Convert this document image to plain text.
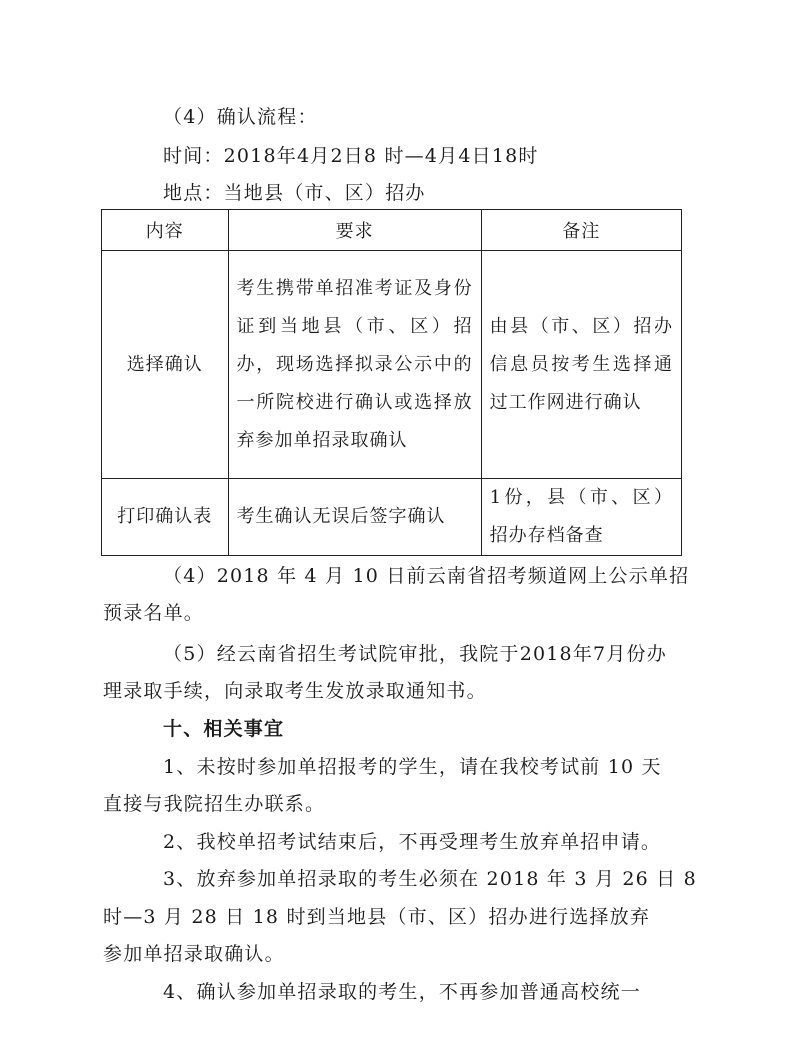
（4）确认流程：
时间：2018年4月2日8 时—4月4日18时
地点：当地县（市、区）招办
内容	要求	备注

选择确认	考生携带单招准考证及身份证到当地县（市、区）招办，现场选择拟录公示中的一所院校进行确认或选择放弃参加单招录取确认	由县（市、区）招办信息员按考生选择通过工作网进行确认

打印确认表	考生确认无误后签字确认	1份，县（市、区）招办存档备查
（4）2018 年 4 月 10 日前云南省招考频道网上公示单招
预录名单。
（5）经云南省招生考试院审批，我院于2018年7月份办
理录取手续，向录取考生发放录取通知书。
十、相关事宜
1、未按时参加单招报考的学生，请在我校考试前 10 天
直接与我院招生办联系。
2、我校单招考试结束后，不再受理考生放弃单招申请。
3、放弃参加单招录取的考生必须在 2018 年 3 月 26 日 8
时—3 月 28 日 18 时到当地县（市、区）招办进行选择放弃
参加单招录取确认。
4、确认参加单招录取的考生，不再参加普通高校统一
